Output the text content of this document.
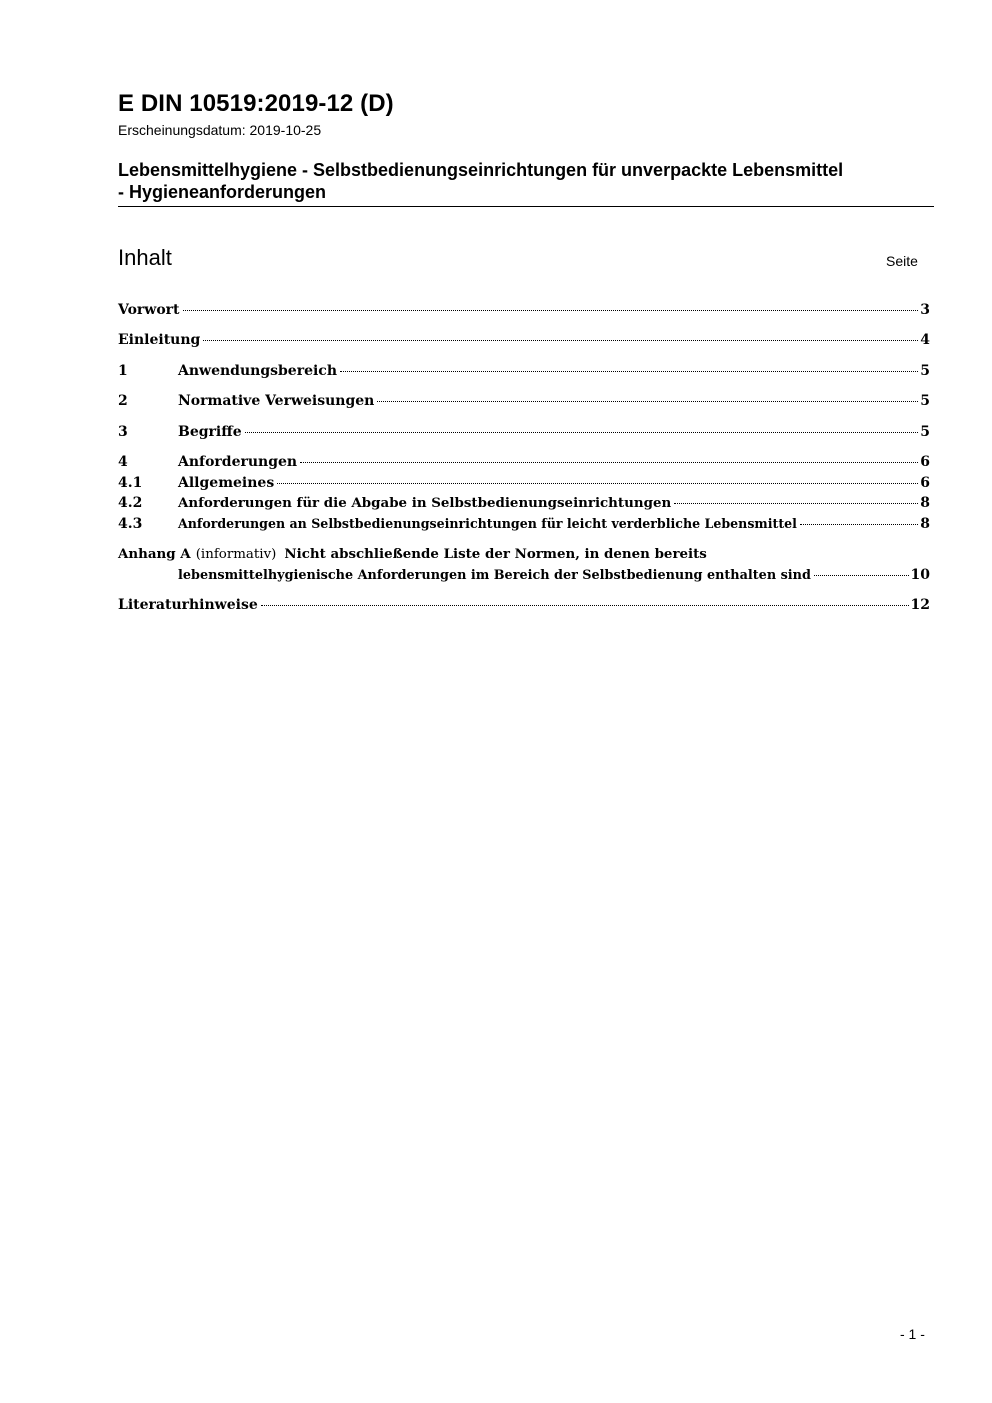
E DIN 10519:2019-12 (D)
Erscheinungsdatum: 2019-10-25
Lebensmittelhygiene - Selbstbedienungseinrichtungen für unverpackte Lebensmittel
- Hygieneanforderungen
Inhalt	Seite
Vorwort	3
Einleitung	4
1	Anwendungsbereich	5
2	Normative Verweisungen	5
3	Begriffe	5
4	Anforderungen	6
4.1	Allgemeines	6
4.2	Anforderungen für die Abgabe in Selbstbedienungseinrichtungen	8
4.3	Anforderungen an Selbstbedienungseinrichtungen für leicht verderbliche Lebensmittel	8
Anhang A (informativ) Nicht abschließende Liste der Normen, in denen bereits
lebensmittelhygienische Anforderungen im Bereich der Selbstbedienung enthalten sind	10
Literaturhinweise	12
- 1 -
